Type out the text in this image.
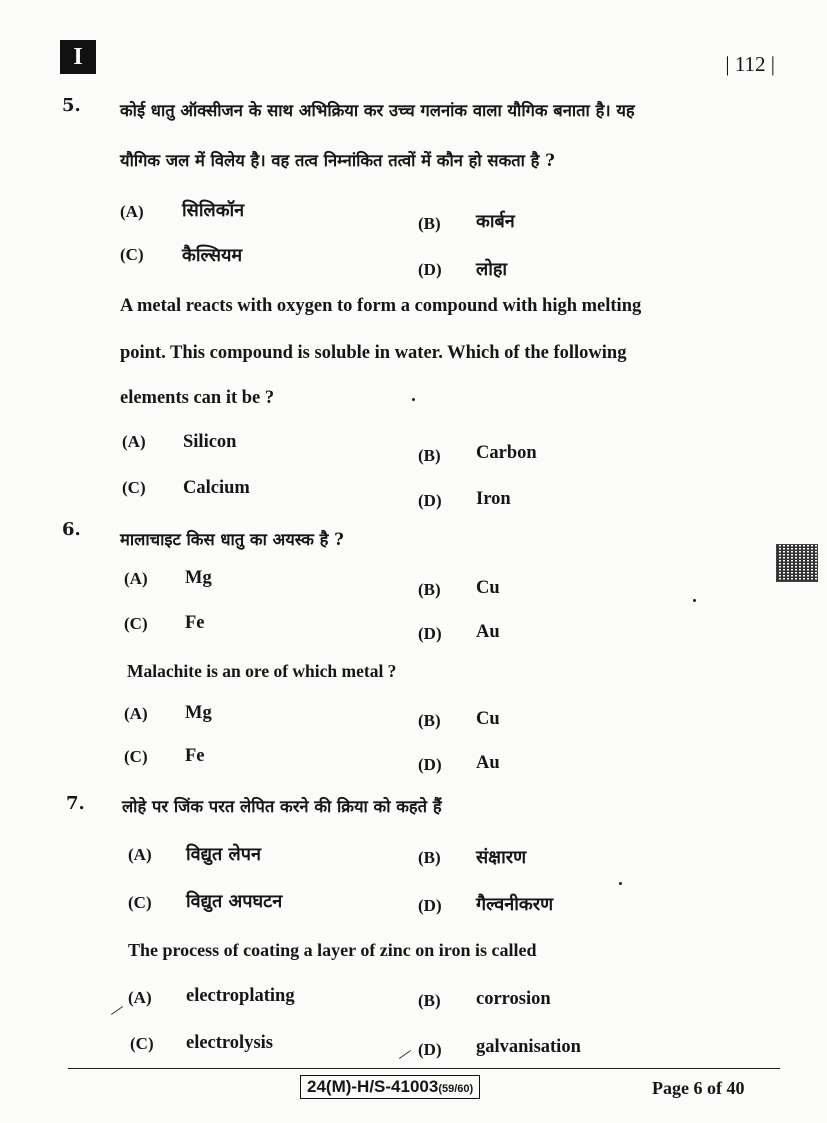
I	| 112 |
5. कोई धातु ऑक्सीजन के साथ अभिक्रिया कर उच्च गलनांक वाला यौगिक बनाता है। यह
यौगिक जल में विलेय है। वह तत्व निम्नांकित तत्वों में कौन हो सकता है ?
(A) सिलिकॉन
(B) कार्बन
(C) कैल्सियम
(D) लोहा
A metal reacts with oxygen to form a compound with high melting
point. This compound is soluble in water. Which of the following
elements can it be ?
(A) Silicon
(B) Carbon
(C) Calcium
(D) Iron
6. मालाचाइट किस धातु का अयस्क है ?
(A) Mg
(B) Cu
(C) Fe
(D) Au
Malachite is an ore of which metal ?
(A) Mg	(B) Cu
(C) Fe	(D) Au
7. लोहे पर जिंक परत लेपित करने की क्रिया को कहते हैं
(A) विद्युत लेपन	(B) संक्षारण
(C) विद्युत अपघटन	(D) गैल्वनीकरण
The process of coating a layer of zinc on iron is called
(A) electroplating	(B) corrosion
(C) electrolysis	(D) galvanisation
24(M)-H/S-41003(59/60)	Page 6 of 40
